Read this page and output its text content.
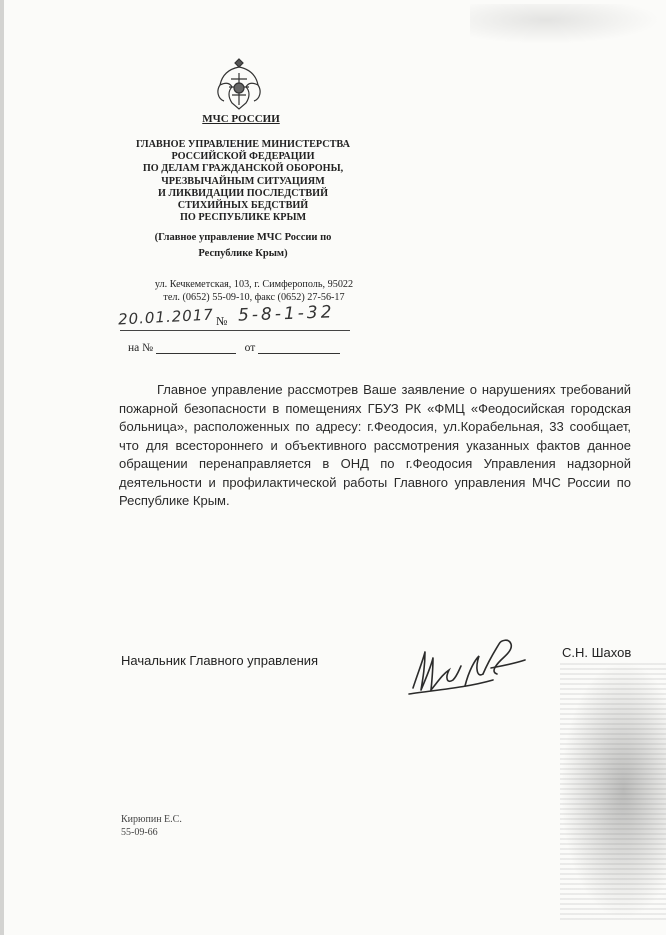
МЧС РОССИИ
ГЛАВНОЕ УПРАВЛЕНИЕ МИНИСТЕРСТВА
РОССИЙСКОЙ ФЕДЕРАЦИИ
ПО ДЕЛАМ ГРАЖДАНСКОЙ ОБОРОНЫ,
ЧРЕЗВЫЧАЙНЫМ СИТУАЦИЯМ
И ЛИКВИДАЦИИ ПОСЛЕДСТВИЙ
СТИХИЙНЫХ БЕДСТВИЙ
ПО РЕСПУБЛИКЕ КРЫМ
(Главное управление МЧС России по
Республике Крым)
ул. Кечкеметская, 103, г. Симферополь, 95022
тел. (0652) 55-09-10, факс (0652) 27-56-17
20.01.2017 № 5-8-1-32
на №	от
Главное управление рассмотрев Ваше заявление о нарушениях требований пожарной безопасности в помещениях ГБУЗ РК «ФМЦ «Феодосийская городская больница», расположенных по адресу: г.Феодосия, ул.Корабельная, 33 сообщает, что для всестороннего и объективного рассмотрения указанных фактов данное обращении перенаправляется в ОНД по г.Феодосия Управления надзорной деятельности и профилактической работы Главного управления МЧС России по Республике Крым.
Начальник Главного управления
С.Н. Шахов
Кирюпин Е.С.
55-09-66
